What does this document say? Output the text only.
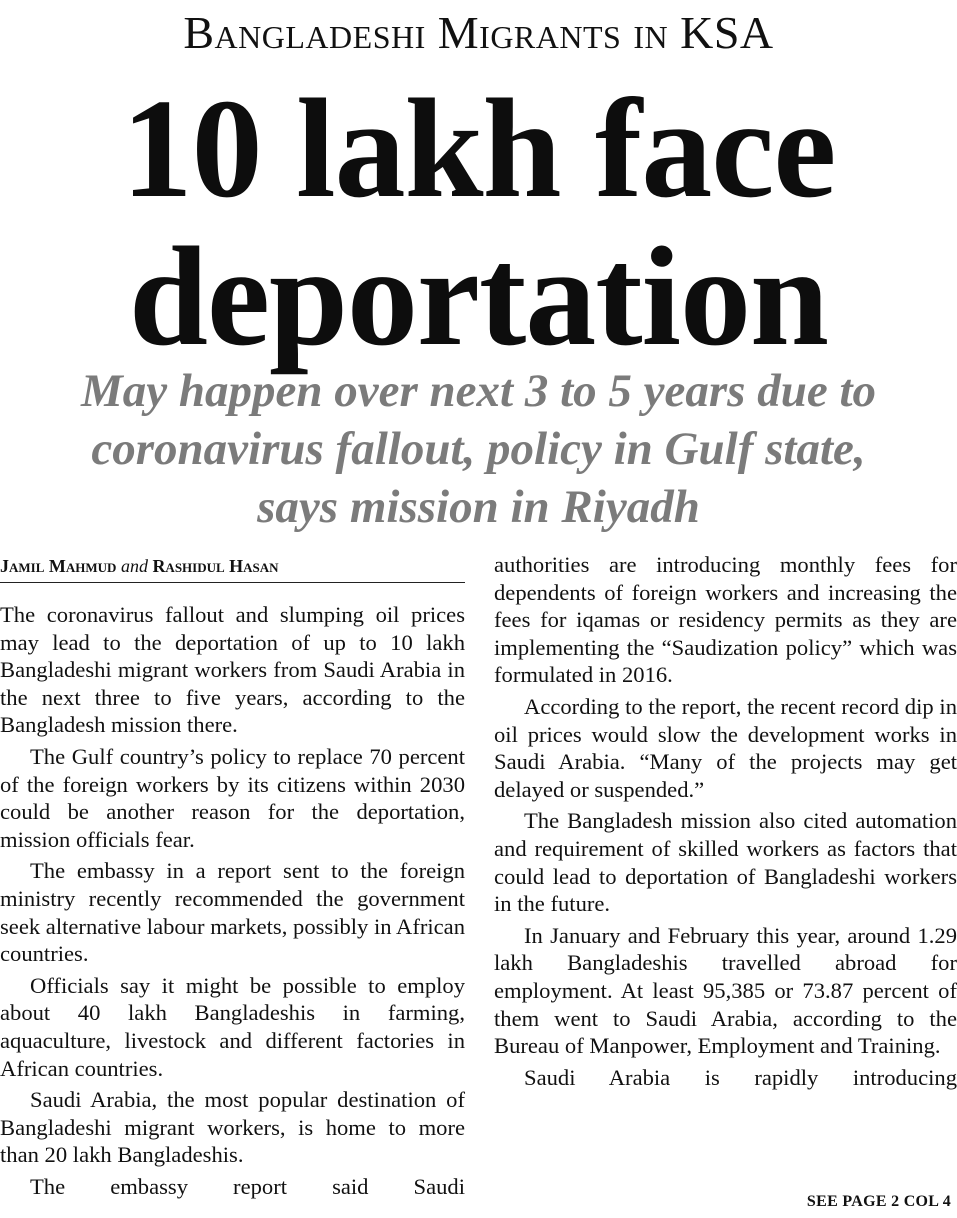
Bangladeshi Migrants in KSA
10 lakh face
deportation
May happen over next 3 to 5 years due to
coronavirus fallout, policy in Gulf state,
says mission in Riyadh
Jamil Mahmud and Rashidul Hasan

The coronavirus fallout and slumping oil prices may lead to the deportation of up to 10 lakh Bangladeshi migrant workers from Saudi Arabia in the next three to five years, according to the Bangladesh mission there.

The Gulf country’s policy to replace 70 percent of the foreign workers by its citizens within 2030 could be another reason for the deportation, mission officials fear.

The embassy in a report sent to the foreign ministry recently recommended the government seek alternative labour markets, possibly in African countries.

Officials say it might be possible to employ about 40 lakh Bangladeshis in farming, aquaculture, livestock and different factories in African countries.

Saudi Arabia, the most popular destination of Bangladeshi migrant workers, is home to more than 20 lakh Bangladeshis.

The embassy report said Saudi

authorities are introducing monthly fees for dependents of foreign workers and increasing the fees for iqamas or residency permits as they are implementing the “Saudization policy” which was formulated in 2016.

According to the report, the recent record dip in oil prices would slow the development works in Saudi Arabia. “Many of the projects may get delayed or suspended.”

The Bangladesh mission also cited automation and requirement of skilled workers as factors that could lead to deportation of Bangladeshi workers in the future.

In January and February this year, around 1.29 lakh Bangladeshis travelled abroad for employment. At least 95,385 or 73.87 percent of them went to Saudi Arabia, according to the Bureau of Manpower, Employment and Training.

Saudi Arabia is rapidly introducing

SEE PAGE 2 COL 4
